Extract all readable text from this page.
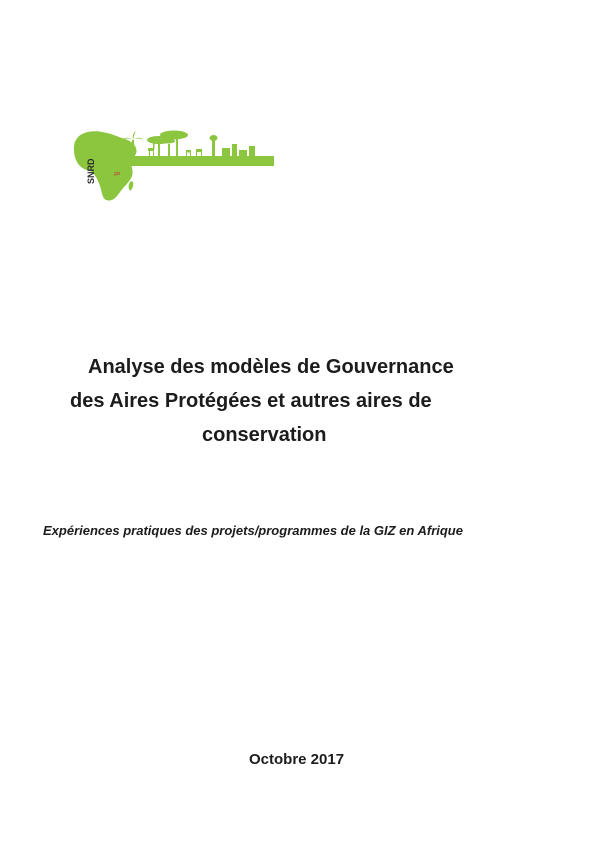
SNRD	giz
Analyse des modèles de Gouvernance
des Aires Protégées et autres aires de
conservation
Expériences pratiques des projets/programmes de la GIZ en Afrique
Octobre 2017
